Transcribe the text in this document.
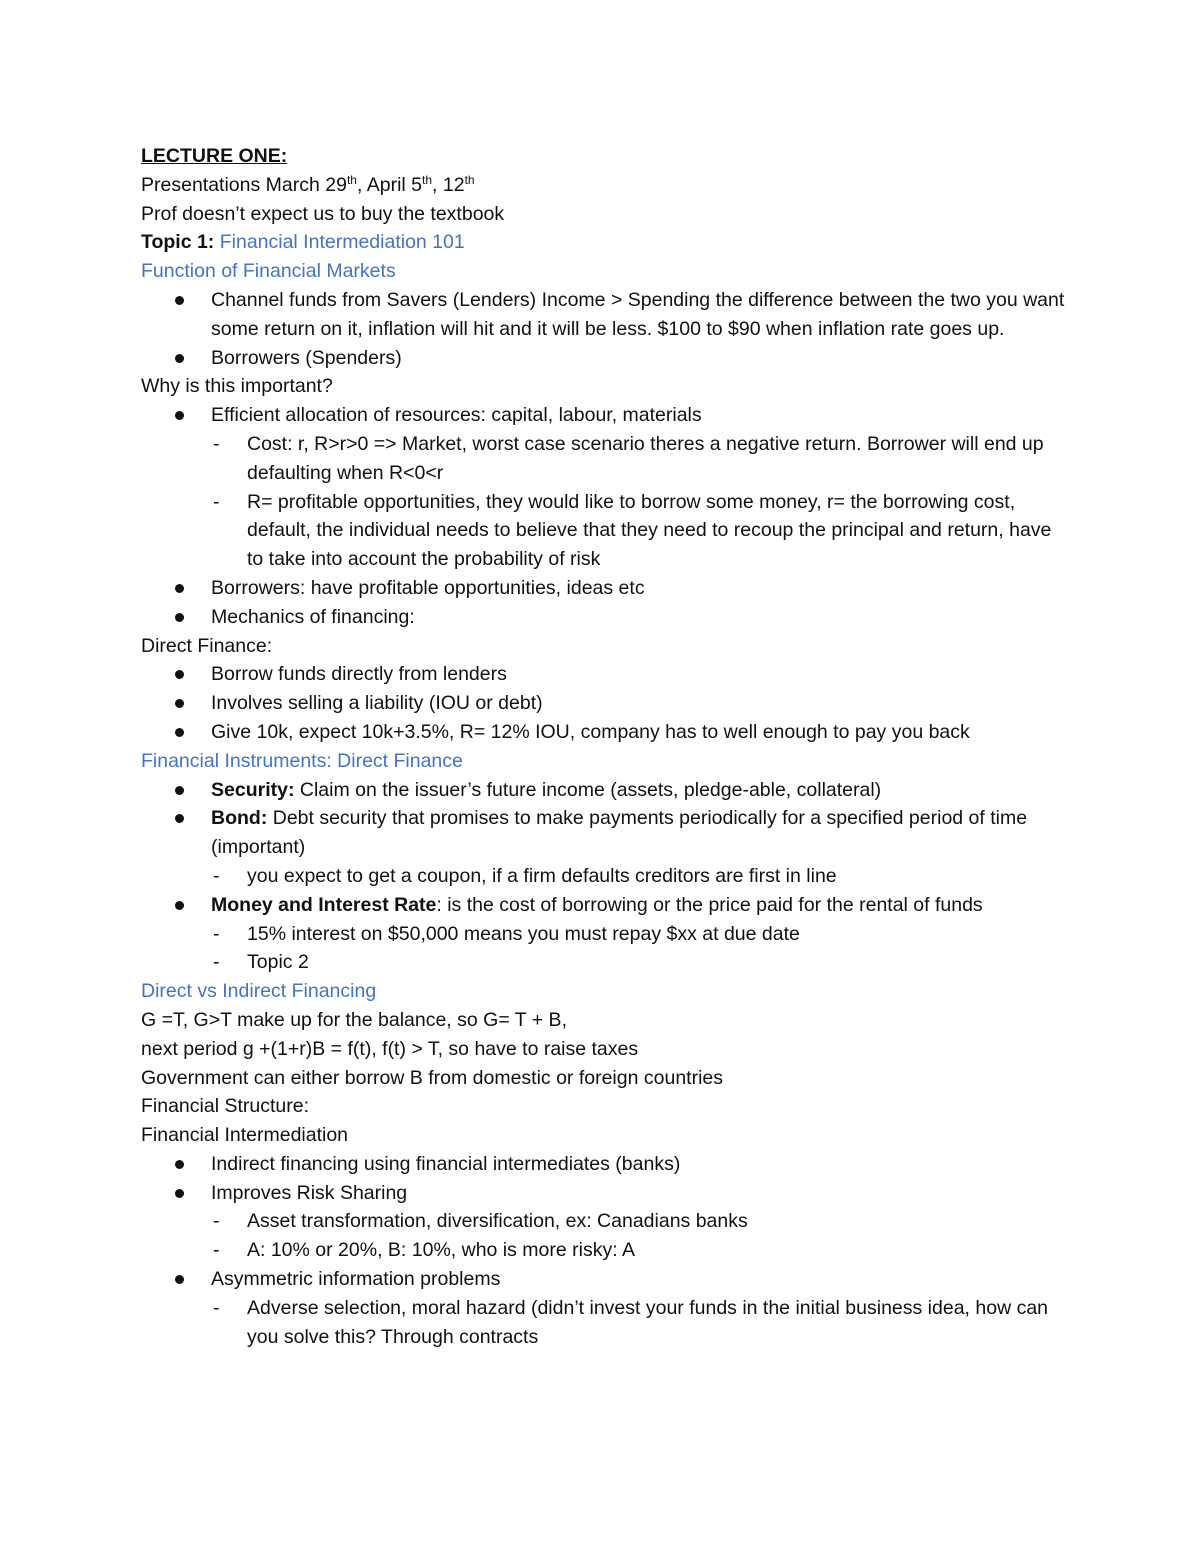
LECTURE ONE:
Presentations March 29th, April 5th, 12th
Prof doesn’t expect us to buy the textbook
Topic 1: Financial Intermediation 101
Function of Financial Markets
Channel funds from Savers (Lenders) Income > Spending the difference between the two you want some return on it, inflation will hit and it will be less. $100 to $90 when inflation rate goes up.
Borrowers (Spenders)
Why is this important?
Efficient allocation of resources: capital, labour, materials
- Cost: r, R>r>0 => Market, worst case scenario theres a negative return. Borrower will end up defaulting when R<0<r
- R= profitable opportunities, they would like to borrow some money, r= the borrowing cost, default, the individual needs to believe that they need to recoup the principal and return, have to take into account the probability of risk
Borrowers: have profitable opportunities, ideas etc
Mechanics of financing:
Direct Finance:
Borrow funds directly from lenders
Involves selling a liability (IOU or debt)
Give 10k, expect 10k+3.5%, R= 12% IOU, company has to well enough to pay you back
Financial Instruments: Direct Finance
Security: Claim on the issuer’s future income (assets, pledge-able, collateral)
Bond: Debt security that promises to make payments periodically for a specified period of time (important)
- you expect to get a coupon, if a firm defaults creditors are first in line
Money and Interest Rate: is the cost of borrowing or the price paid for the rental of funds
- 15% interest on $50,000 means you must repay $xx at due date
- Topic 2
Direct vs Indirect Financing
G =T, G>T make up for the balance, so G= T + B,
next period g +(1+r)B = f(t), f(t) > T, so have to raise taxes
Government can either borrow B from domestic or foreign countries
Financial Structure:
Financial Intermediation
Indirect financing using financial intermediates (banks)
Improves Risk Sharing
- Asset transformation, diversification, ex: Canadians banks
- A: 10% or 20%, B: 10%, who is more risky: A
Asymmetric information problems
- Adverse selection, moral hazard (didn’t invest your funds in the initial business idea, how can you solve this? Through contracts
